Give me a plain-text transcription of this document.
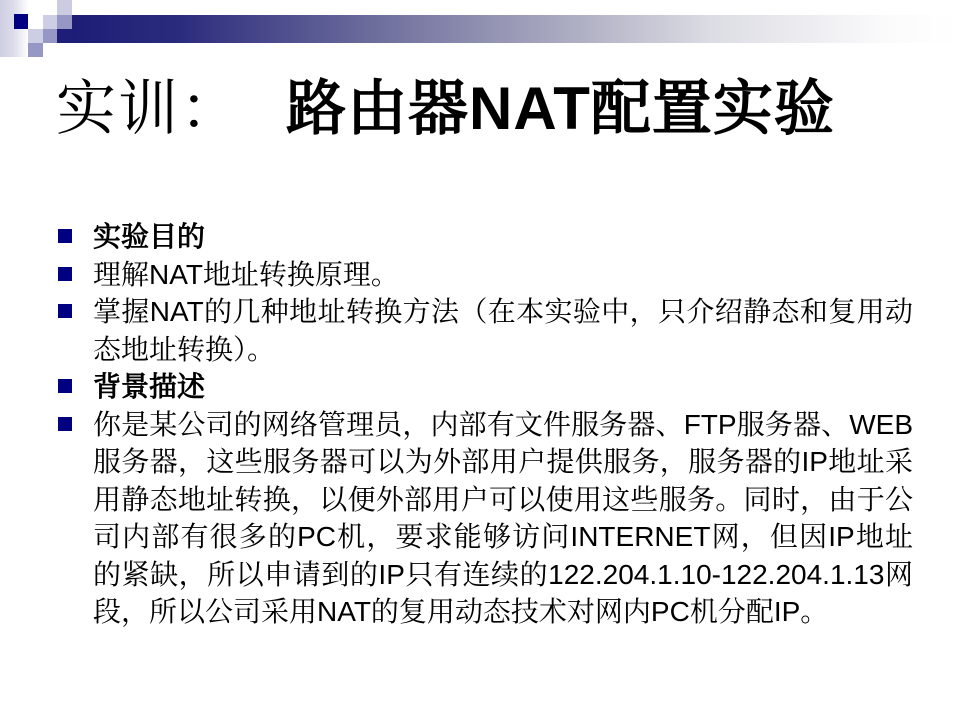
实训： 路由器NAT配置实验
实验目的
理解NAT地址转换原理。
掌握NAT的几种地址转换方法（在本实验中，只介绍静态和复用动态地址转换）。
背景描述
你是某公司的网络管理员，内部有文件服务器、FTP服务器、WEB服务器，这些服务器可以为外部用户提供服务，服务器的IP地址采用静态地址转换，以便外部用户可以使用这些服务。同时，由于公司内部有很多的PC机，要求能够访问INTERNET网，但因IP地址的紧缺，所以申请到的IP只有连续的122.204.1.10-122.204.1.13网段，所以公司采用NAT的复用动态技术对网内PC机分配IP。
